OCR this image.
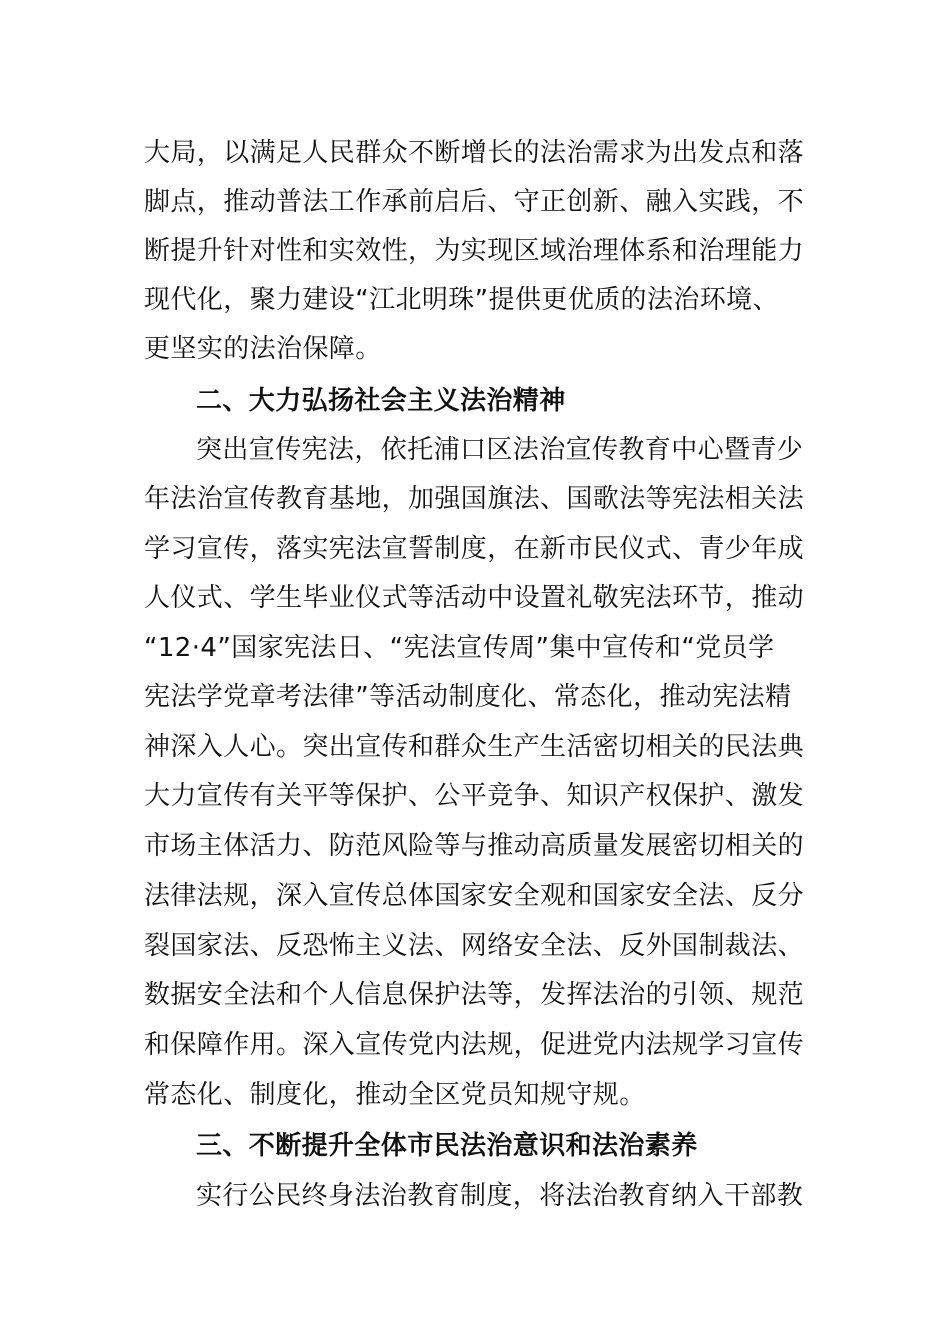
大局，以满足人民群众不断增长的法治需求为出发点和落
脚点，推动普法工作承前启后、守正创新、融入实践，不
断提升针对性和实效性，为实现区域治理体系和治理能力
现代化，聚力建设“江北明珠”提供更优质的法治环境、
更坚实的法治保障。
二、大力弘扬社会主义法治精神
突出宣传宪法，依托浦口区法治宣传教育中心暨青少
年法治宣传教育基地，加强国旗法、国歌法等宪法相关法
学习宣传，落实宪法宣誓制度，在新市民仪式、青少年成
人仪式、学生毕业仪式等活动中设置礼敬宪法环节，推动
“12·4”国家宪法日、“宪法宣传周”集中宣传和“党员学
宪法学党章考法律”等活动制度化、常态化，推动宪法精
神深入人心。突出宣传和群众生产生活密切相关的民法典
大力宣传有关平等保护、公平竞争、知识产权保护、激发
市场主体活力、防范风险等与推动高质量发展密切相关的
法律法规，深入宣传总体国家安全观和国家安全法、反分
裂国家法、反恐怖主义法、网络安全法、反外国制裁法、
数据安全法和个人信息保护法等，发挥法治的引领、规范
和保障作用。深入宣传党内法规，促进党内法规学习宣传
常态化、制度化，推动全区党员知规守规。
三、不断提升全体市民法治意识和法治素养
实行公民终身法治教育制度，将法治教育纳入干部教
